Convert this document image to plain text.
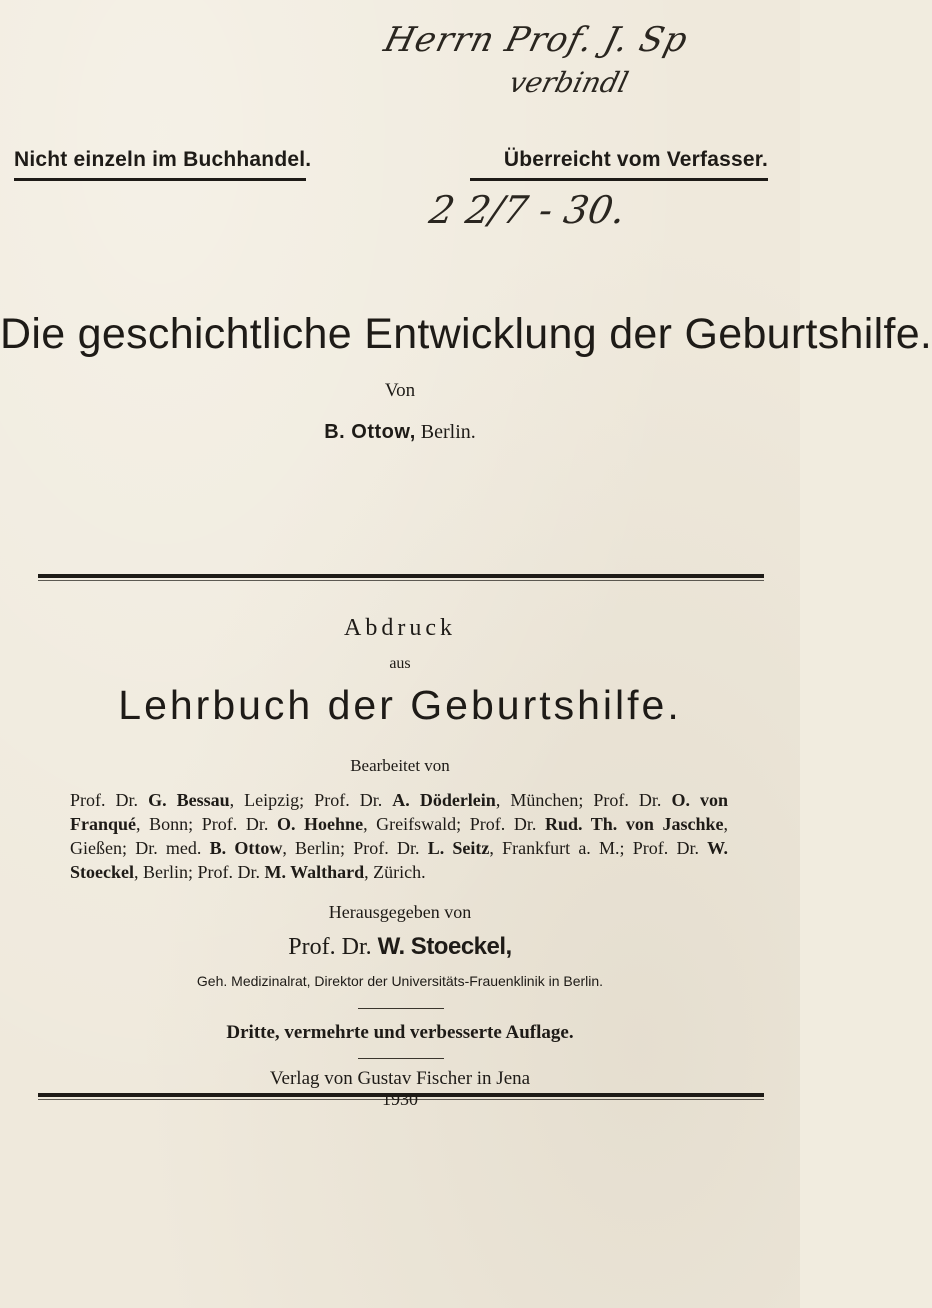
Herrn Prof. J. Sp
verbindl
2 2/7 - 30.
Nicht einzeln im Buchhandel.	Überreicht vom Verfasser.
Die geschichtliche Entwicklung der Geburtshilfe.
Von
B. Ottow, Berlin.
Abdruck
aus
Lehrbuch der Geburtshilfe.
Bearbeitet von
Prof. Dr. G. Bessau, Leipzig; Prof. Dr. A. Döderlein, München; Prof. Dr. O. von Franqué, Bonn; Prof. Dr. O. Hoehne, Greifswald; Prof. Dr. Rud. Th. von Jaschke, Gießen; Dr. med. B. Ottow, Berlin; Prof. Dr. L. Seitz, Frankfurt a. M.; Prof. Dr. W. Stoeckel, Berlin; Prof. Dr. M. Walthard, Zürich.
Herausgegeben von
Prof. Dr. W. Stoeckel,
Geh. Medizinalrat, Direktor der Universitäts-Frauenklinik in Berlin.
Dritte, vermehrte und verbesserte Auflage.
Verlag von Gustav Fischer in Jena
